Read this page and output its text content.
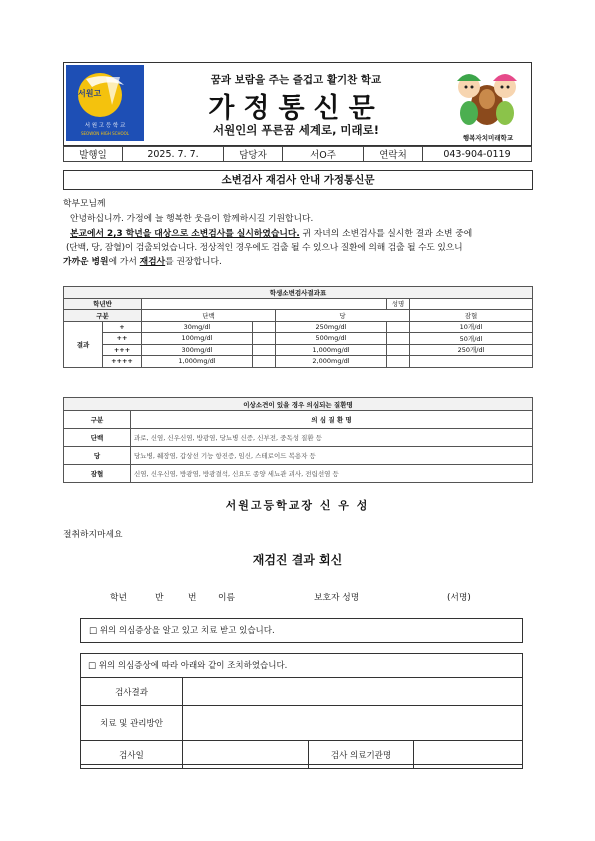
서원고
서 원 고 등 학 교
SEOWON HIGH SCHOOL
꿈과 보람을 주는 즐겁고 활기찬 학교
가정통신문
서원인의 푸른꿈 세계로, 미래로!
행복자치미래학교
발행일	2025. 7. 7.	담당자	서O주	연락처	043-904-0119
소변검사 재검사 안내 가정통신문
학부모님께
안녕하십니까. 가정에 늘 행복한 웃음이 함께하시길 기원합니다.
본교에서 2,3 학년을 대상으로 소변검사를 실시하였습니다. 귀 자녀의 소변검사를 실시한 결과 소변 중에
(단백, 당, 잠혈)이 검출되었습니다. 정상적인 경우에도 검출 될 수 있으나 질환에 의해 검출 될 수도 있으니
가까운 병원에 가서 재검사를 권장합니다.
학생소변검사결과표						
학년반					성명	
구분		단백		당		잠혈
결과	+	30mg/dl		250mg/dl		10개/dl
	++	100mg/dl		500mg/dl		50개/dl
	+++	300mg/dl		1,000mg/dl		250개/dl
	++++	1,000mg/dl		2,000mg/dl		
이상소견이 있을 경우 의심되는 질환명	
구분	의 심 질 환 명
단백	과로, 신염, 신우신염, 방광염, 당뇨병 신증, 신부전, 중독성 질환 등
당	당뇨병, 췌장염, 갑상선 기능 항진증, 임신, 스테로이드 복용자 등
잠혈	신염, 신우신염, 방광염, 방광결석, 신요도 종양 세뇨관 괴사, 전립선염 등
서원고등학교장 신 우 성
절취하지마세요
재검진 결과 회신
학년	반	번 이름	보호자 성명	(서명)
□ 위의 의심증상을 알고 있고 치료 받고 있습니다.
□ 위의 의심증상에 따라 아래와 같이 조치하였습니다.
검사결과			
치료 및 관리방안			
검사일		검사 의료기관명	
